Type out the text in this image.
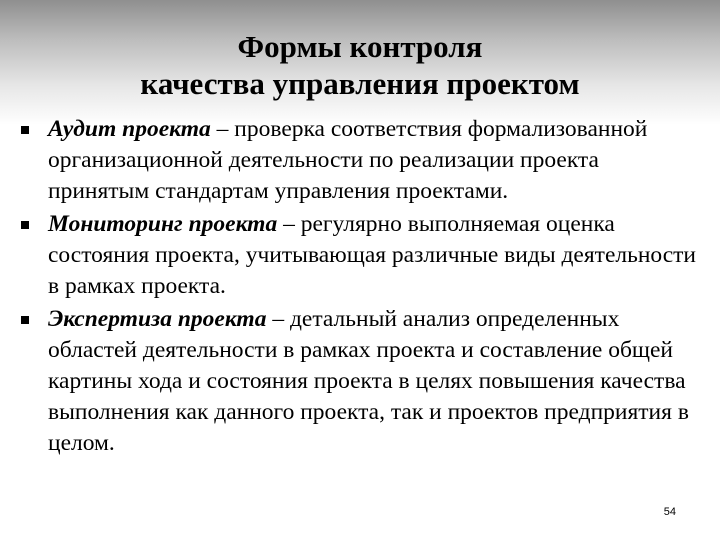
Формы контроля
качества управления проектом
Аудит проекта – проверка соответствия формализованной организационной деятельности по реализации проекта принятым стандартам управления проектами.
Мониторинг проекта – регулярно выполняемая оценка состояния проекта, учитывающая различные виды деятельности в рамках проекта.
Экспертиза проекта – детальный анализ определенных областей деятельности в рамках проекта и составление общей картины хода и состояния проекта в целях повышения качества выполнения как данного проекта, так и проектов предприятия в целом.
54
